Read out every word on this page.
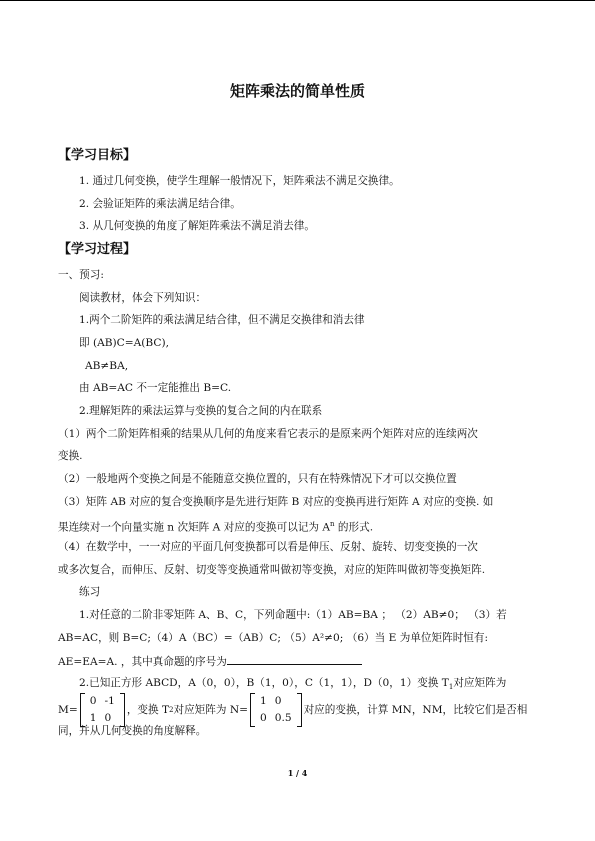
矩阵乘法的简单性质
【学习目标】
1. 通过几何变换，使学生理解一般情况下，矩阵乘法不满足交换律。
2. 会验证矩阵的乘法满足结合律。
3. 从几何变换的角度了解矩阵乘法不满足消去律。
【学习过程】
一、预习:
阅读教材，体会下列知识：
1.两个二阶矩阵的乘法满足结合律，但不满足交换律和消去律
即 (AB)C=A(BC),
AB≠BA,
由 AB=AC 不一定能推出 B=C.
2.理解矩阵的乘法运算与变换的复合之间的内在联系
（1）两个二阶矩阵相乘的结果从几何的角度来看它表示的是原来两个矩阵对应的连续两次
变换.
（2）一般地两个变换之间是不能随意交换位置的，只有在特殊情况下才可以交换位置
（3）矩阵 AB 对应的复合变换顺序是先进行矩阵 B 对应的变换再进行矩阵 A 对应的变换. 如
果连续对一个向量实施 n 次矩阵 A 对应的变换可以记为 $A^n$ 的形式.
（4）在数学中，一一对应的平面几何变换都可以看是伸压、反射、旋转、切变变换的一次
或多次复合，而伸压、反射、切变等变换通常叫做初等变换，对应的矩阵叫做初等变换矩阵.
练习
1.对任意的二阶非零矩阵 A、B、C，下列命题中:（1）AB=BA ； （2）AB≠0； （3）若
AB=AC，则 B=C;（4）A（BC）=（AB）C; （5）A²≠0; （6）当 E 为单位矩阵时恒有:
AE=EA=A. ，其中真命题的序号为
2.已知正方形 ABCD，A（0，0），B（1，0），C（1，1），D（0，1）变换 $T_1$对应矩阵为
M=
0	-1
1	0
，变换 T 2 对应矩阵为 N=
1	0
0	0.5
对应的变换，计算 MN，NM，比较它们是否相
同，并从几何变换的角度解释。
1 / 4
